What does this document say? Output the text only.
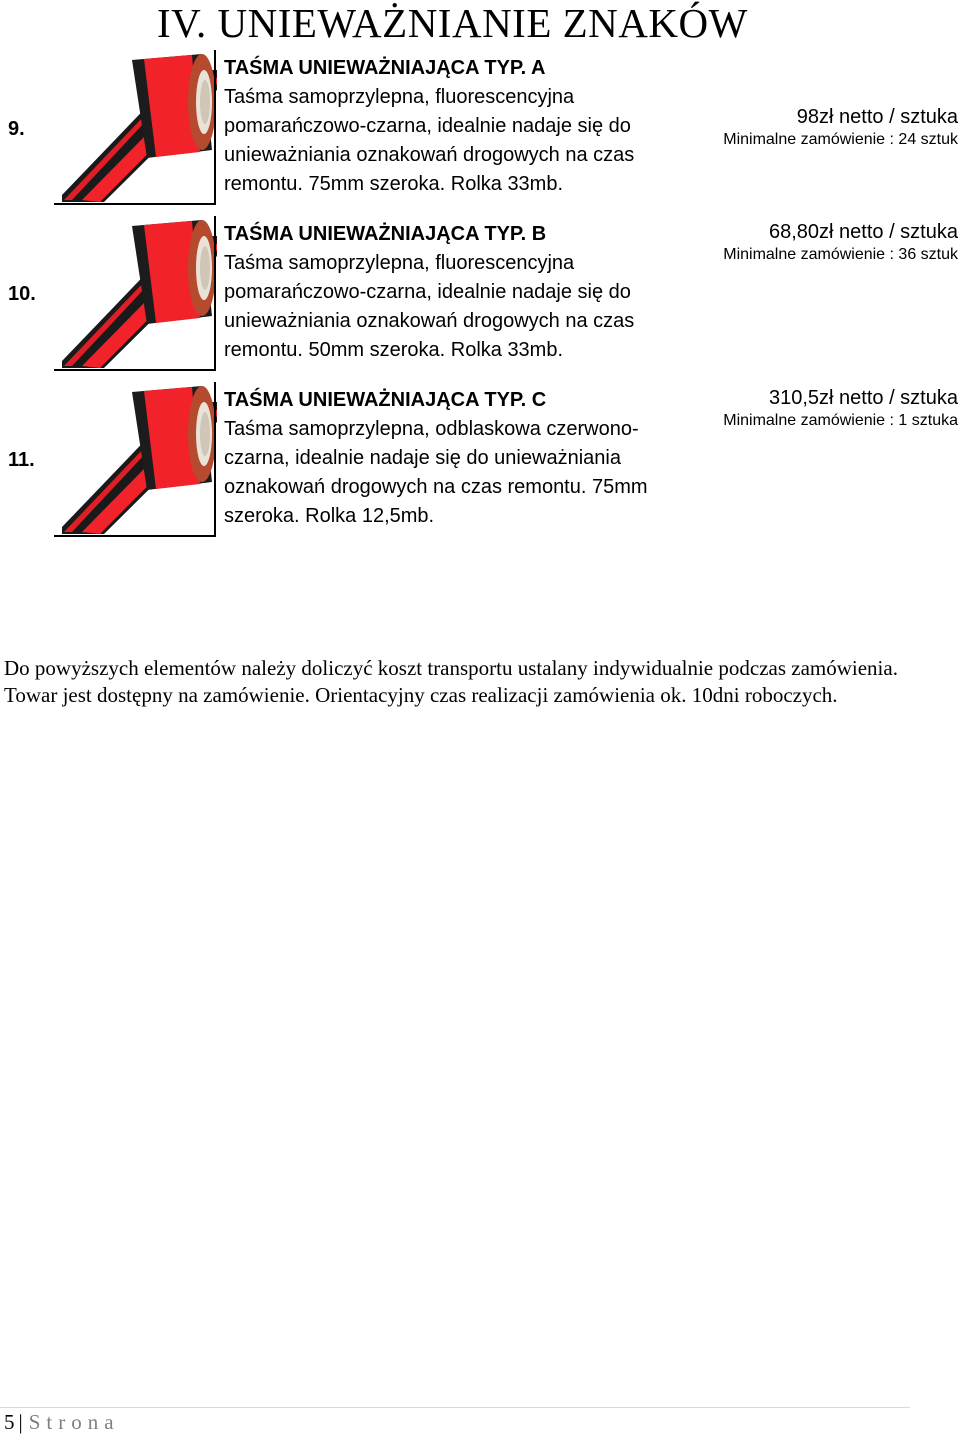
IV. UNIEWAŻNIANIE ZNAKÓW
9.
TAŚMA UNIEWAŻNIAJĄCA TYP. A
Taśma samoprzylepna, fluorescencyjna pomarańczowo-czarna, idealnie nadaje się do unieważniania oznakowań drogowych na czas remontu. 75mm szeroka. Rolka 33mb.
98zł netto / sztuka
Minimalne zamówienie : 24 sztuk
10.
TAŚMA UNIEWAŻNIAJĄCA TYP. B
Taśma samoprzylepna, fluorescencyjna pomarańczowo-czarna, idealnie nadaje się do unieważniania oznakowań drogowych na czas remontu. 50mm szeroka. Rolka 33mb.
68,80zł netto / sztuka
Minimalne zamówienie : 36 sztuk
11.
TAŚMA UNIEWAŻNIAJĄCA TYP. C
Taśma samoprzylepna, odblaskowa czerwono-czarna, idealnie nadaje się do unieważniania oznakowań drogowych na czas remontu. 75mm szeroka. Rolka 12,5mb.
310,5zł netto / sztuka
Minimalne zamówienie : 1 sztuka

Do powyższych elementów należy doliczyć koszt transportu ustalany indywidualnie podczas zamówienia.

Towar jest dostępny na zamówienie. Orientacyjny czas realizacji zamówienia ok. 10dni roboczych.

5 | Strona
